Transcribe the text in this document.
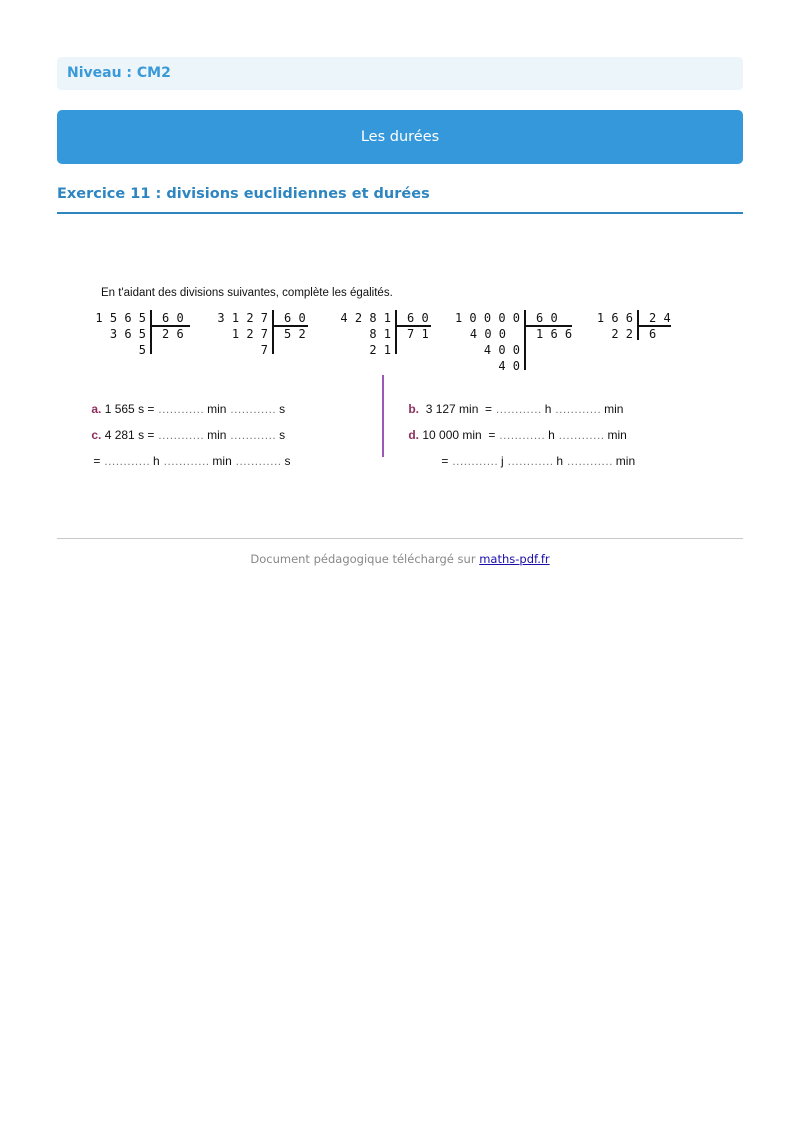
Niveau : CM2
Les durées
Exercice 11 : divisions euclidiennes et durées
En t'aidant des divisions suivantes, complète les égalités.
1 5 6 5
3 6 5
5
6 0
2 6
3 1 2 7
1 2 7
7
6 0
5 2
4 2 8 1
8 1
2 1
6 0
7 1
1 0 0 0 0
4 0 0
4 0 0
4 0
6 0
1 6 6
1 6 6
2 2
2 4
6

a. 1 565 s = ………… min ………… s

c. 4 281 s = ………… min ………… s

= ………… h ………… min ………… s

b. 3 127 min  = ………… h ………… min

d. 10 000 min  = ………… h ………… min

= ………… j ………… h ………… min

Document pédagogique téléchargé sur maths-pdf.fr
